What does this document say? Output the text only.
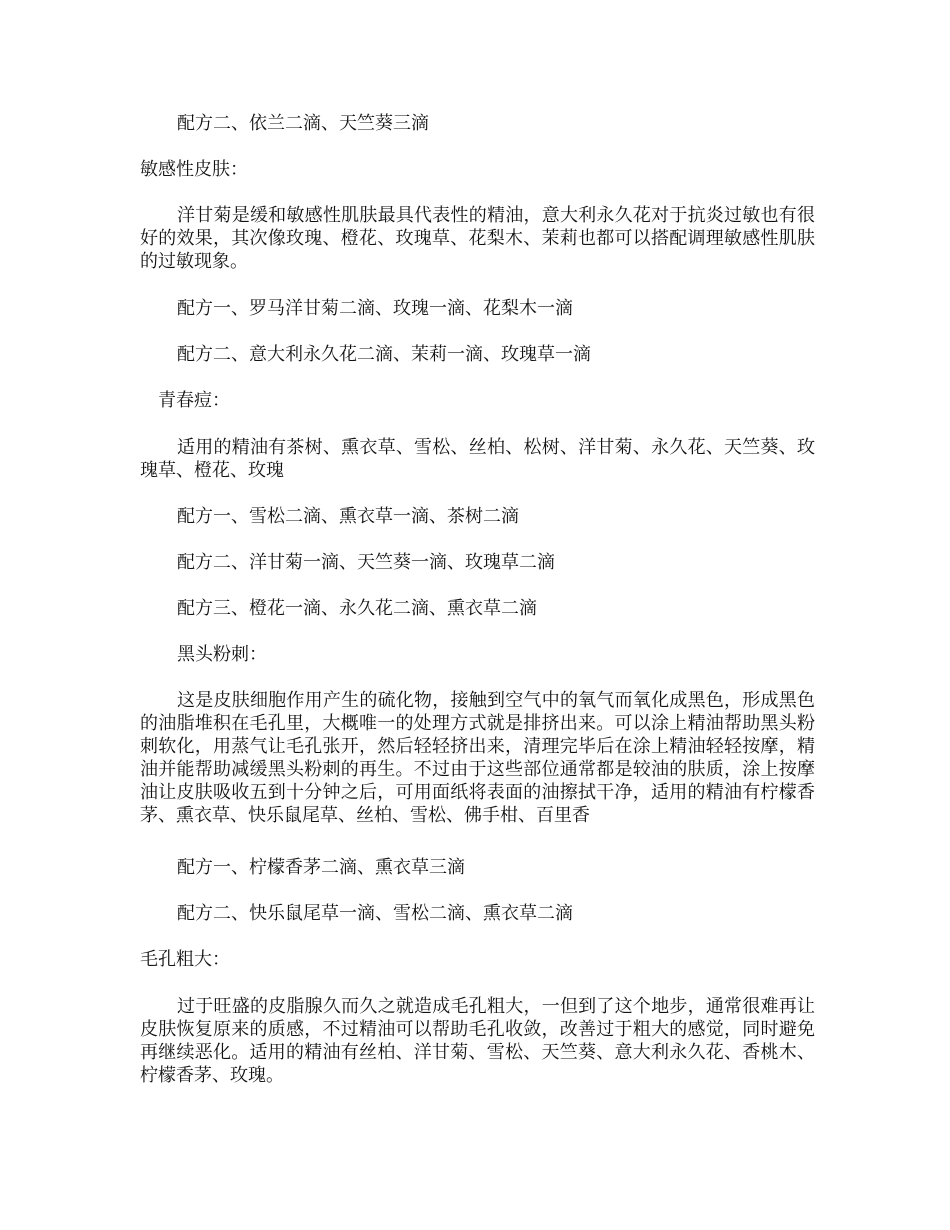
配方二、依兰二滴、天竺葵三滴

敏感性皮肤：

洋甘菊是缓和敏感性肌肤最具代表性的精油，意大利永久花对于抗炎过敏也有很好的效果，其次像玫瑰、橙花、玫瑰草、花梨木、茉莉也都可以搭配调理敏感性肌肤的过敏现象。

配方一、罗马洋甘菊二滴、玫瑰一滴、花梨木一滴

配方二、意大利永久花二滴、茉莉一滴、玫瑰草一滴

青春痘：

适用的精油有茶树、熏衣草、雪松、丝柏、松树、洋甘菊、永久花、天竺葵、玫瑰草、橙花、玫瑰

配方一、雪松二滴、熏衣草一滴、茶树二滴

配方二、洋甘菊一滴、天竺葵一滴、玫瑰草二滴

配方三、橙花一滴、永久花二滴、熏衣草二滴

黑头粉刺：

这是皮肤细胞作用产生的硫化物，接触到空气中的氧气而氧化成黑色，形成黑色的油脂堆积在毛孔里，大概唯一的处理方式就是排挤出来。可以涂上精油帮助黑头粉刺软化，用蒸气让毛孔张开，然后轻轻挤出来，清理完毕后在涂上精油轻轻按摩，精油并能帮助减缓黑头粉刺的再生。不过由于这些部位通常都是较油的肤质，涂上按摩油让皮肤吸收五到十分钟之后，可用面纸将表面的油擦拭干净，适用的精油有柠檬香茅、熏衣草、快乐鼠尾草、丝柏、雪松、佛手柑、百里香

配方一、柠檬香茅二滴、熏衣草三滴

配方二、快乐鼠尾草一滴、雪松二滴、熏衣草二滴

毛孔粗大：

过于旺盛的皮脂腺久而久之就造成毛孔粗大，一但到了这个地步，通常很难再让皮肤恢复原来的质感，不过精油可以帮助毛孔收敛，改善过于粗大的感觉，同时避免再继续恶化。适用的精油有丝柏、洋甘菊、雪松、天竺葵、意大利永久花、香桃木、柠檬香茅、玫瑰。
